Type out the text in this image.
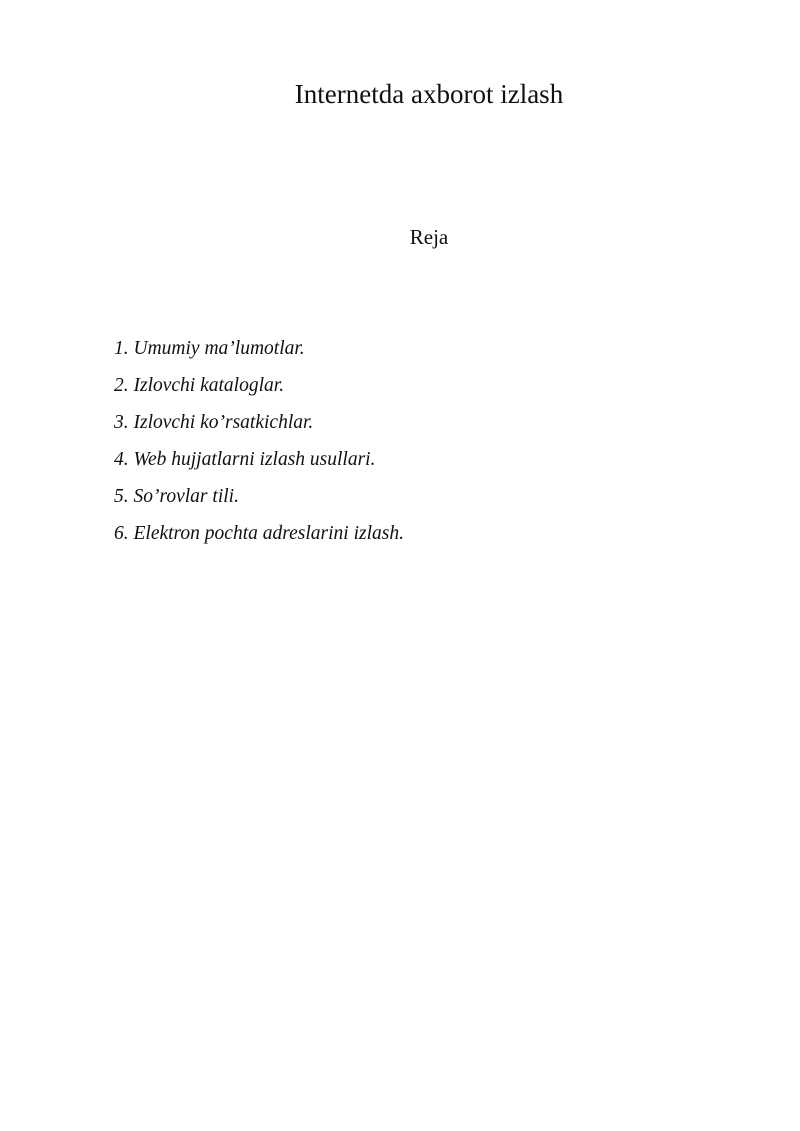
Internetda axborot izlash
Reja
1. Umumiy ma’lumotlar.
2. Izlovchi kataloglar.
3. Izlovchi ko’rsatkichlar.
4. Web hujjatlarni izlash usullari.
5. So’rovlar tili.
6. Elektron pochta adreslarini izlash.
